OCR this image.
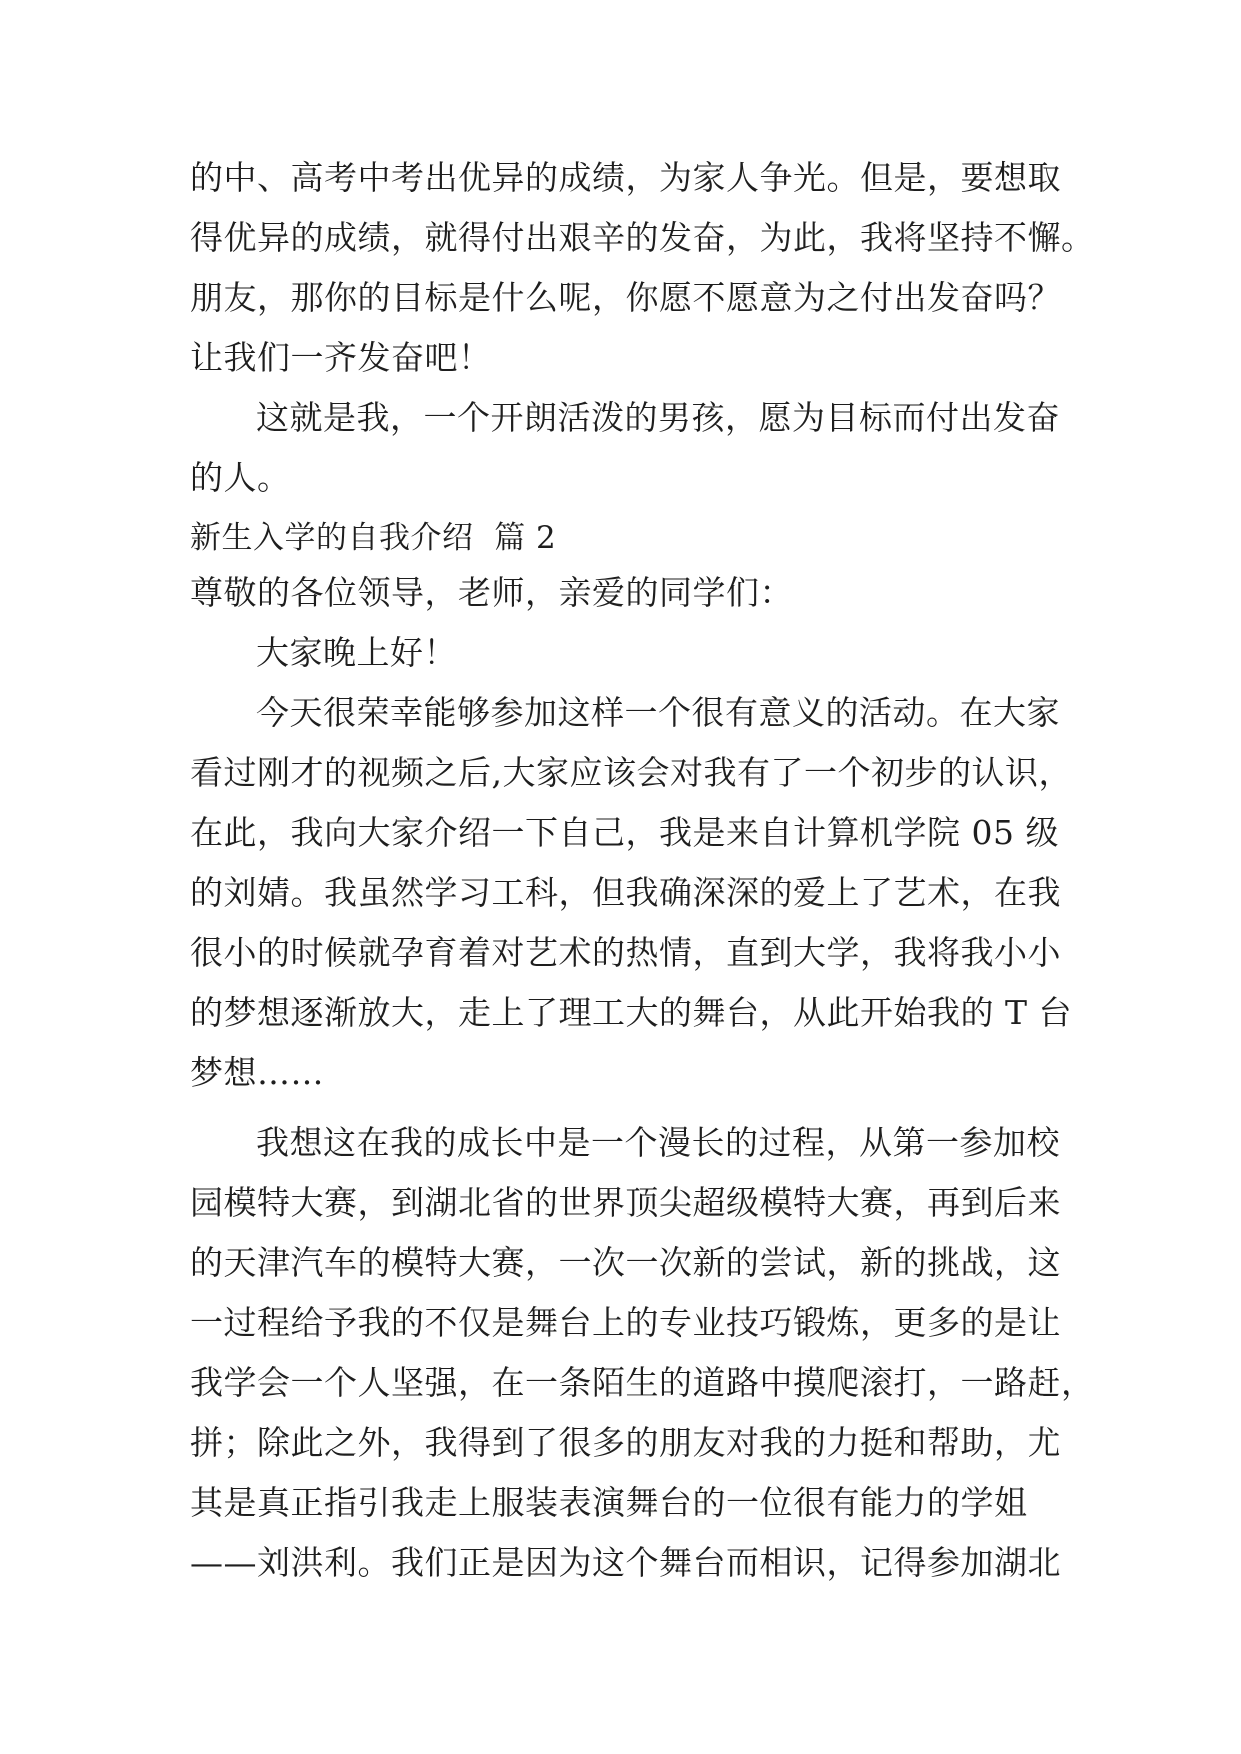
的中、高考中考出优异的成绩，为家人争光。但是，要想取
得优异的成绩，就得付出艰辛的发奋，为此，我将坚持不懈。
朋友，那你的目标是什么呢，你愿不愿意为之付出发奋吗？
让我们一齐发奋吧！
这就是我，一个开朗活泼的男孩，愿为目标而付出发奋
的人。
新生入学的自我介绍  篇 2
尊敬的各位领导，老师，亲爱的同学们：
大家晚上好！
今天很荣幸能够参加这样一个很有意义的活动。在大家
看过刚才的视频之后,大家应该会对我有了一个初步的认识，
在此，我向大家介绍一下自己，我是来自计算机学院 05 级
的刘婧。我虽然学习工科，但我确深深的爱上了艺术，在我
很小的时候就孕育着对艺术的热情，直到大学，我将我小小
的梦想逐渐放大，走上了理工大的舞台，从此开始我的 T 台
梦想……
我想这在我的成长中是一个漫长的过程，从第一参加校
园模特大赛，到湖北省的世界顶尖超级模特大赛，再到后来
的天津汽车的模特大赛，一次一次新的尝试，新的挑战，这
一过程给予我的不仅是舞台上的专业技巧锻炼，更多的是让
我学会一个人坚强，在一条陌生的道路中摸爬滚打，一路赶，
拼；除此之外，我得到了很多的朋友对我的力挺和帮助，尤
其是真正指引我走上服装表演舞台的一位很有能力的学姐
——刘洪利。我们正是因为这个舞台而相识，记得参加湖北
